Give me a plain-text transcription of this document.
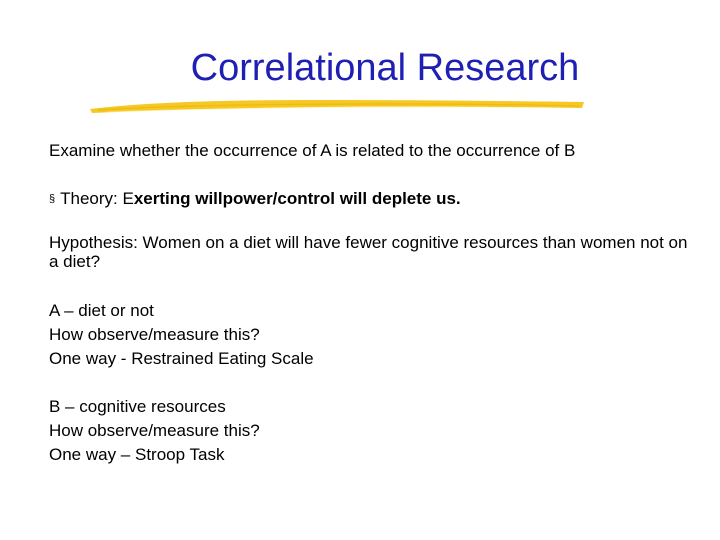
Correlational Research

Examine whether the occurrence of A is related to the occurrence of B

§ Theory: Exerting willpower/control will deplete us.

Hypothesis: Women on a diet will have fewer cognitive resources than women not on a diet?

A – diet or not
How observe/measure this?
One way - Restrained Eating Scale
B – cognitive resources
How observe/measure this?
One way – Stroop Task
